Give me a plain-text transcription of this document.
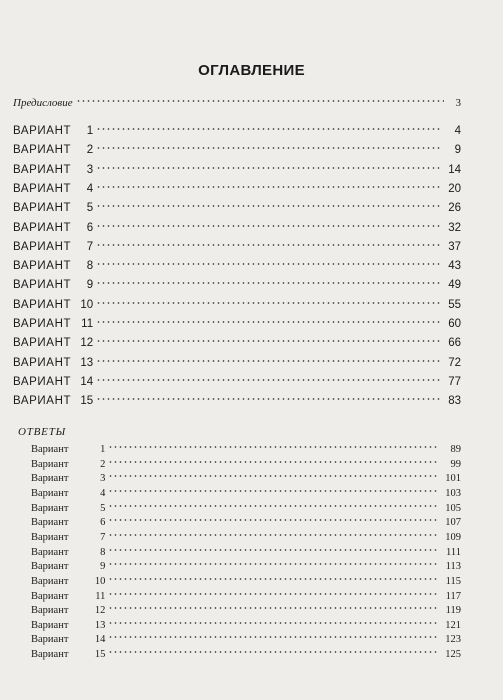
ОГЛАВЛЕНИЕ
Предисловие	3
ВАРИАНТ	1	4
ВАРИАНТ	2	9
ВАРИАНТ	3	14
ВАРИАНТ	4	20
ВАРИАНТ	5	26
ВАРИАНТ	6	32
ВАРИАНТ	7	37
ВАРИАНТ	8	43
ВАРИАНТ	9	49
ВАРИАНТ 10	55
ВАРИАНТ 11	60
ВАРИАНТ 12	66
ВАРИАНТ 13	72
ВАРИАНТ 14	77
ВАРИАНТ 15	83
ОТВЕТЫ
Вариант	1	89
Вариант	2	99
Вариант	3	101
Вариант	4	103
Вариант	5	105
Вариант	6	107
Вариант	7	109
Вариант	8	111
Вариант	9	113
Вариант	10	115
Вариант	11	117
Вариант	12	119
Вариант	13	121
Вариант	14	123
Вариант	15	125
